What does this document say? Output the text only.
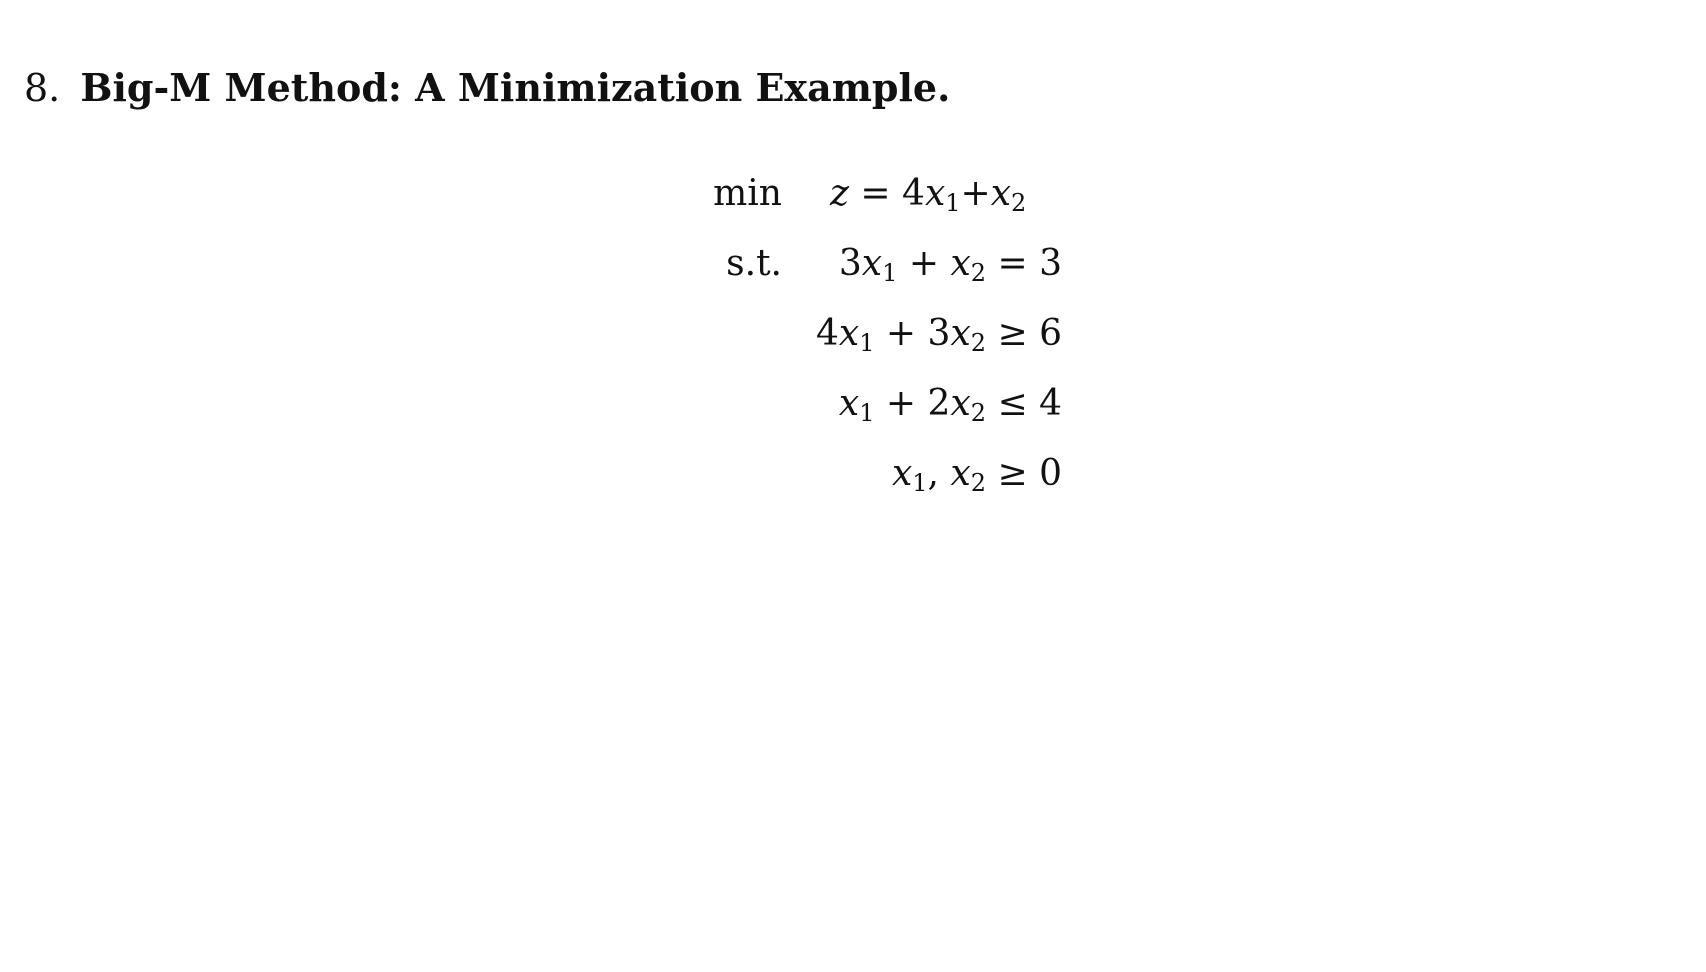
8. Big-M Method: A Minimization Example.
$\min z = 4x_1+x_2$
s.t. $3x_1 + x_2 = 3$
$4x_1 + 3x_2 \ge 6$
$x_1 + 2x_2 \le 4$
$x_1$, $x_2 \ge 0$
